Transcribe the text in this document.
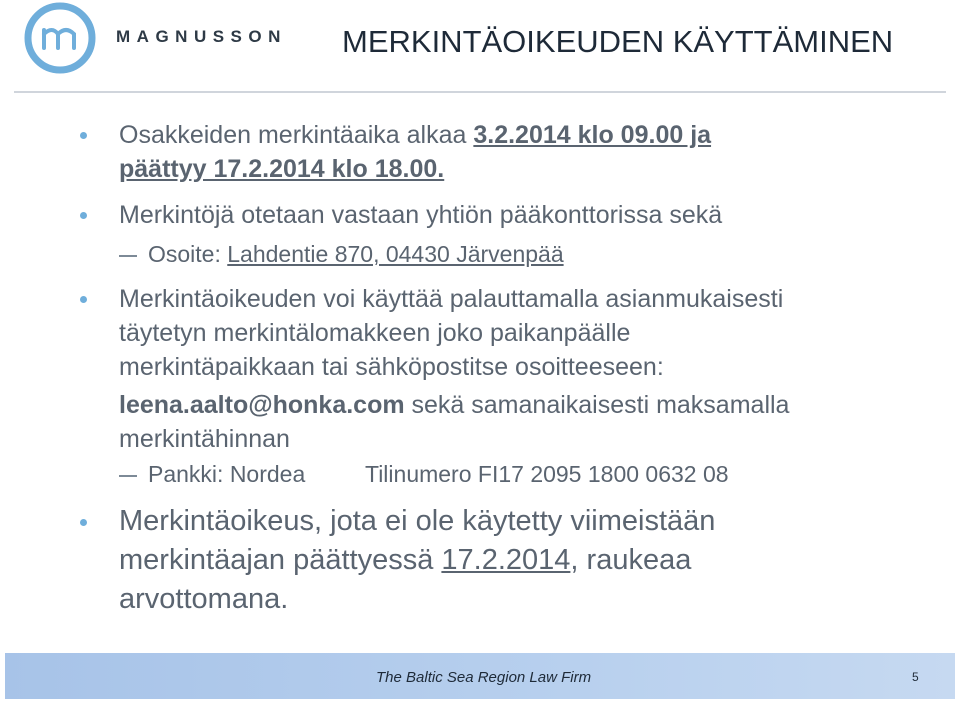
MAGNUSSON MERKINTÄOIKEUDEN KÄYTTÄMINEN
Osakkeiden merkintäaika alkaa 3.2.2014 klo 09.00 ja
päättyy 17.2.2014 klo 18.00.
Merkintöjä otetaan vastaan yhtiön pääkonttorissa sekä
Osoite: Lahdentie 870, 04430 Järvenpää
Merkintäoikeuden voi käyttää palauttamalla asianmukaisesti
täytetyn merkintälomakkeen joko paikanpäälle
merkintäpaikkaan tai sähköpostitse osoitteeseen:
leena.aalto@honka.com sekä samanaikaisesti maksamalla
merkintähinnan
Pankki: Nordea	Tilinumero FI17 2095 1800 0632 08
Merkintäoikeus, jota ei ole käytetty viimeistään
merkintäajan päättyessä 17.2.2014, raukeaa
arvottomana.
The Baltic Sea Region Law Firm	5
